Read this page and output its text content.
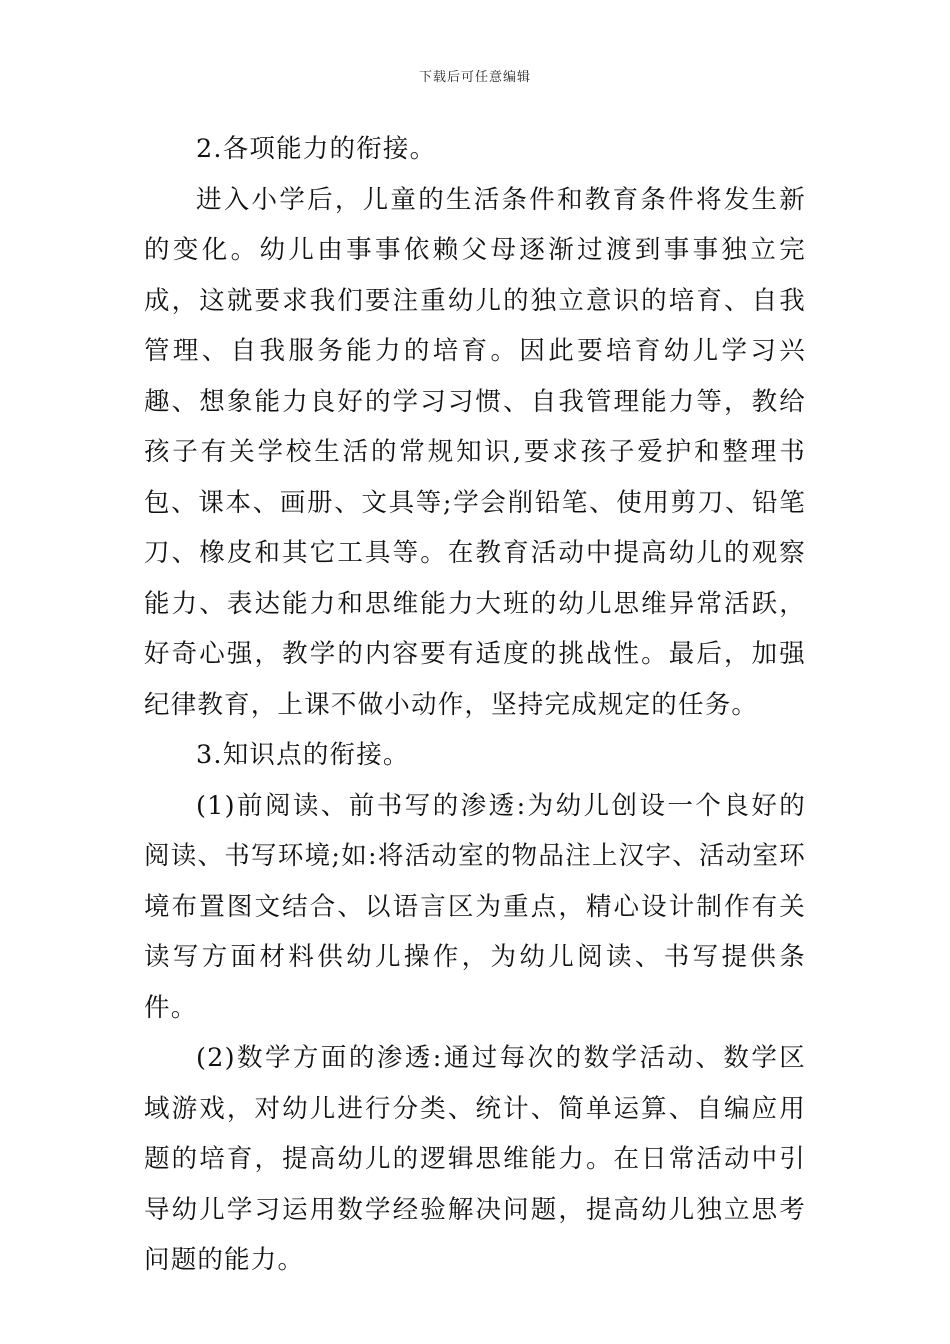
下载后可任意编辑

2.各项能力的衔接。

进入小学后，儿童的生活条件和教育条件将发生新的变化。幼儿由事事依赖父母逐渐过渡到事事独立完成，这就要求我们要注重幼儿的独立意识的培育、自我管理、自我服务能力的培育。因此要培育幼儿学习兴趣、想象能力良好的学习习惯、自我管理能力等，教给孩子有关学校生活的常规知识,要求孩子爱护和整理书包、课本、画册、文具等;学会削铅笔、使用剪刀、铅笔刀、橡皮和其它工具等。在教育活动中提高幼儿的观察能力、表达能力和思维能力大班的幼儿思维异常活跃，好奇心强，教学的内容要有适度的挑战性。最后，加强纪律教育，上课不做小动作，坚持完成规定的任务。

3.知识点的衔接。

(1)前阅读、前书写的渗透:为幼儿创设一个良好的阅读、书写环境;如:将活动室的物品注上汉字、活动室环境布置图文结合、以语言区为重点，精心设计制作有关读写方面材料供幼儿操作，为幼儿阅读、书写提供条件。

(2)数学方面的渗透:通过每次的数学活动、数学区域游戏，对幼儿进行分类、统计、简单运算、自编应用题的培育，提高幼儿的逻辑思维能力。在日常活动中引导幼儿学习运用数学经验解决问题，提高幼儿独立思考问题的能力。
